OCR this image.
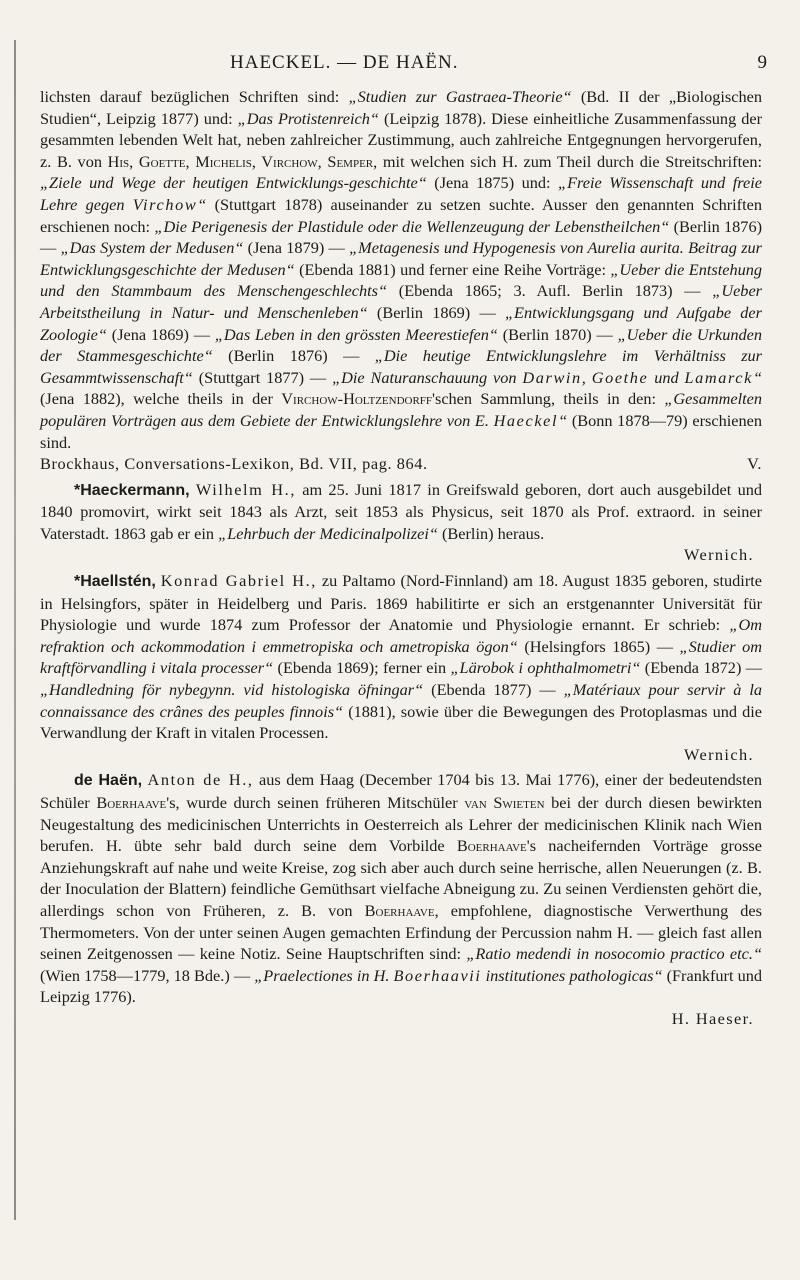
HAECKEL. — DE HAËN.	9

lichsten darauf bezüglichen Schriften sind: „Studien zur Gastraea-Theorie“ (Bd. II der „Biologischen Studien“, Leipzig 1877) und: „Das Protistenreich“ (Leipzig 1878). Diese einheitliche Zusammenfassung der gesammten lebenden Welt hat, neben zahlreicher Zustimmung, auch zahlreiche Entgegnungen hervorgerufen, z. B. von His, Goette, Michelis, Virchow, Semper, mit welchen sich H. zum Theil durch die Streitschriften: „Ziele und Wege der heutigen Entwicklungs-geschichte“ (Jena 1875) und: „Freie Wissenschaft und freie Lehre gegen Virchow“ (Stuttgart 1878) auseinander zu setzen suchte. Ausser den genannten Schriften erschienen noch: „Die Perigenesis der Plastidule oder die Wellenzeugung der Lebenstheilchen“ (Berlin 1876) — „Das System der Medusen“ (Jena 1879) — „Metagenesis und Hypogenesis von Aurelia aurita. Beitrag zur Entwicklungsgeschichte der Medusen“ (Ebenda 1881) und ferner eine Reihe Vorträge: „Ueber die Entstehung und den Stammbaum des Menschengeschlechts“ (Ebenda 1865; 3. Aufl. Berlin 1873) — „Ueber Arbeitstheilung in Natur- und Menschenleben“ (Berlin 1869) — „Entwicklungsgang und Aufgabe der Zoologie“ (Jena 1869) — „Das Leben in den grössten Meerestiefen“ (Berlin 1870) — „Ueber die Urkunden der Stammesgeschichte“ (Berlin 1876) — „Die heutige Entwicklungslehre im Verhältniss zur Gesammtwissenschaft“ (Stuttgart 1877) — „Die Naturanschauung von Darwin, Goethe und Lamarck“ (Jena 1882), welche theils in der Virchow-Holtzendorff'schen Sammlung, theils in den: „Gesammelten populären Vorträgen aus dem Gebiete der Entwicklungslehre von E. Haeckel“ (Bonn 1878—79) erschienen sind.

Brockhaus, Conversations-Lexikon, Bd. VII, pag. 864.	V.

*Haeckermann, Wilhelm H., am 25. Juni 1817 in Greifswald geboren, dort auch ausgebildet und 1840 promovirt, wirkt seit 1843 als Arzt, seit 1853 als Physicus, seit 1870 als Prof. extraord. in seiner Vaterstadt. 1863 gab er ein „Lehrbuch der Medicinalpolizei“ (Berlin) heraus.

Wernich.

*Haellstén, Konrad Gabriel H., zu Paltamo (Nord-Finnland) am 18. August 1835 geboren, studirte in Helsingfors, später in Heidelberg und Paris. 1869 habilitirte er sich an erstgenannter Universität für Physiologie und wurde 1874 zum Professor der Anatomie und Physiologie ernannt. Er schrieb: „Om refraktion och ackommodation i emmetropiska och ametropiska ögon“ (Helsingfors 1865) — „Studier om kraftförvandling i vitala processer“ (Ebenda 1869); ferner ein „Lärobok i ophthalmometri“ (Ebenda 1872) — „Handledning för nybegynn. vid histologiska öfningar“ (Ebenda 1877) — „Matériaux pour servir à la connaissance des crânes des peuples finnois“ (1881), sowie über die Bewegungen des Protoplasmas und die Verwandlung der Kraft in vitalen Processen.

Wernich.

de Haën, Anton de H., aus dem Haag (December 1704 bis 13. Mai 1776), einer der bedeutendsten Schüler Boerhaave's, wurde durch seinen früheren Mitschüler van Swieten bei der durch diesen bewirkten Neugestaltung des medicinischen Unterrichts in Oesterreich als Lehrer der medicinischen Klinik nach Wien berufen. H. übte sehr bald durch seine dem Vorbilde Boerhaave's nacheifernden Vorträge grosse Anziehungskraft auf nahe und weite Kreise, zog sich aber auch durch seine herrische, allen Neuerungen (z. B. der Inoculation der Blattern) feindliche Gemüthsart vielfache Abneigung zu. Zu seinen Verdiensten gehört die, allerdings schon von Früheren, z. B. von Boerhaave, empfohlene, diagnostische Verwerthung des Thermometers. Von der unter seinen Augen gemachten Erfindung der Percussion nahm H. — gleich fast allen seinen Zeitgenossen — keine Notiz. Seine Hauptschriften sind: „Ratio medendi in nosocomio practico etc.“ (Wien 1758—1779, 18 Bde.) — „Praelectiones in H. Boerhaavii institutiones pathologicas“ (Frankfurt und Leipzig 1776).

H. Haeser.
